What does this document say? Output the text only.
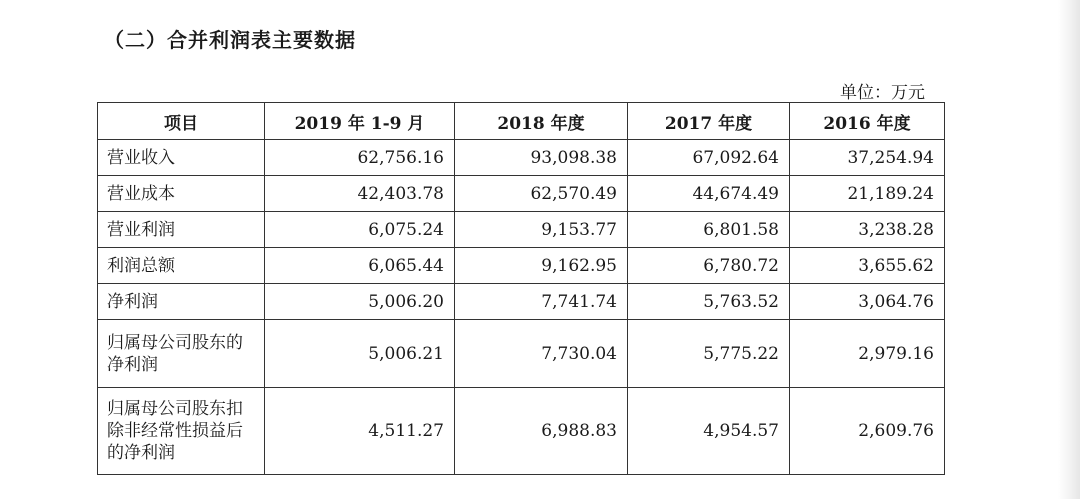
（二）合并利润表主要数据
单位：万元
项目	2019 年 1-9 月	2018 年度	2017 年度	2016 年度
营业收入	62,756.16	93,098.38	67,092.64	37,254.94
营业成本	42,403.78	62,570.49	44,674.49	21,189.24
营业利润	6,075.24	9,153.77	6,801.58	3,238.28
利润总额	6,065.44	9,162.95	6,780.72	3,655.62
净利润	5,006.20	7,741.74	5,763.52	3,064.76
归属母公司股东的净利润	5,006.21	7,730.04	5,775.22	2,979.16
归属母公司股东扣除非经常性损益后的净利润	4,511.27	6,988.83	4,954.57	2,609.76
